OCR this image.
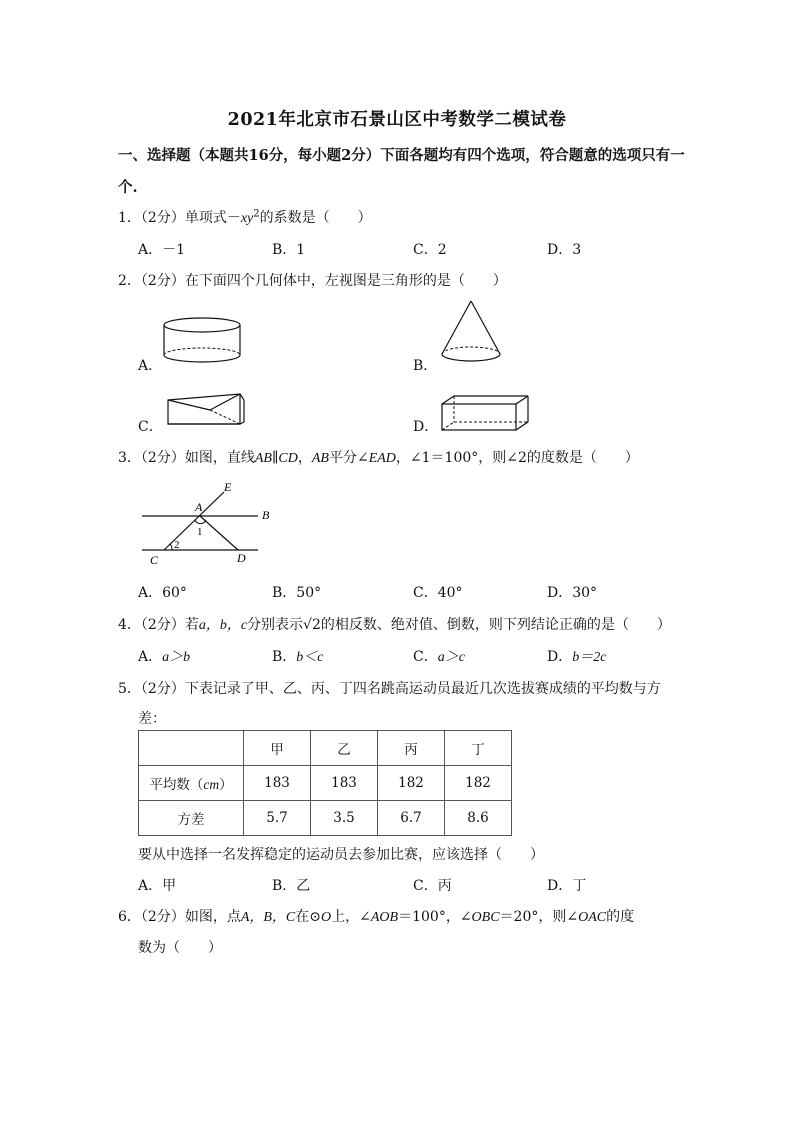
2021年北京市石景山区中考数学二模试卷
一、选择题（本题共16分，每小题2分）下面各题均有四个选项，符合题意的选项只有一
个.
1．（2分）单项式$-xy^2$的系数是（　　）
A．－1	B．1	C．2	D．3
2．（2分）在下面四个几何体中，左视图是三角形的是（　　）
A．	B．
C．	D．
3．（2分）如图，直线AB∥CD，AB平分∠EAD，∠1＝100°，则∠2的度数是（　　）
E
A
B
C	D
1
2
A．60°	B．50°	C．40°	D．30°
4．（2分）若a，b，c分别表示√2的相反数、绝对值、倒数，则下列结论正确的是（　　）
A．a＞b	B．b＜c	C．a＞c	D．b＝2c
5．（2分）下表记录了甲、乙、丙、丁四名跳高运动员最近几次选拔赛成绩的平均数与方
差：
	甲	乙	丙	丁
平均数（cm）	183	183	182	182
方差	5.7	3.5	6.7	8.6
要从中选择一名发挥稳定的运动员去参加比赛，应该选择（　　）
A．甲	B．乙	C．丙	D．丁
6．（2分）如图，点A，B，C在⊙O上，∠AOB＝100°，∠OBC＝20°，则∠OAC的度
数为（　　）
